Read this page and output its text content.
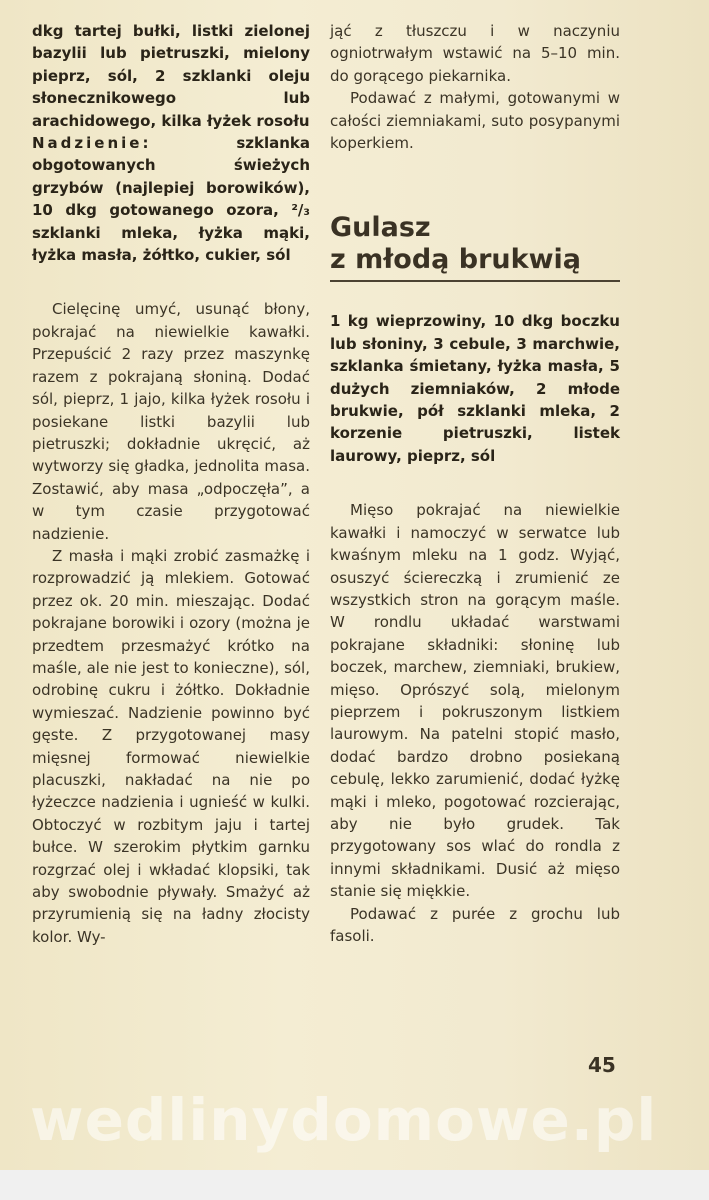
dkg tartej bułki, listki zielonej bazylii lub pietruszki, mielony pieprz, sól, 2 szklanki oleju słonecznikowego lub arachidowego, kilka łyżek rosołu

Nadzienie:	szklanka obgotowanych świeżych grzybów (najlepiej borowików), 10 dkg gotowanego ozora, ²/₃ szklanki mleka, łyżka mąki, łyżka masła, żółtko, cukier, sól

Cielęcinę umyć, usunąć błony, pokrajać na niewielkie kawałki. Przepuścić 2 razy przez maszynkę razem z pokrajaną słoniną. Dodać sól, pieprz, 1 jajo, kilka łyżek rosołu i posiekane listki bazylii lub pietruszki; dokładnie ukręcić, aż wytworzy się gładka, jednolita masa. Zostawić, aby masa „odpoczęła”, a w tym czasie przygotować nadzienie.

Z masła i mąki zrobić zasmażkę i rozprowadzić ją mlekiem. Gotować przez ok. 20 min. mieszając. Dodać pokrajane borowiki i ozory (można je przedtem przesmażyć krótko na maśle, ale nie jest to konieczne), sól, odrobinę cukru i żółtko. Dokładnie wymieszać. Nadzienie powinno być gęste. Z przygotowanej masy mięsnej formować niewielkie placuszki, nakładać na nie po łyżeczce nadzienia i ugnieść w kulki. Obtoczyć w rozbitym jaju i tartej bułce. W szerokim płytkim garnku rozgrzać olej i wkładać klopsiki, tak aby swobodnie pływały. Smażyć aż przyrumienią się na ładny złocisty kolor. Wy-

jąć z tłuszczu i w naczyniu ogniotrwałym wstawić na 5–10 min. do gorącego piekarnika.

Podawać z małymi, gotowanymi w całości ziemniakami, suto posypanymi koperkiem.

Gulasz
z młodą brukwią

1 kg wieprzowiny, 10 dkg boczku lub słoniny, 3 cebule, 3 marchwie, szklanka śmietany, łyżka masła, 5 dużych ziemniaków, 2 młode brukwie, pół szklanki mleka, 2 korzenie pietruszki, listek laurowy, pieprz, sól

Mięso pokrajać na niewielkie kawałki i namoczyć w serwatce lub kwaśnym mleku na 1 godz. Wyjąć, osuszyć ściereczką i zrumienić ze wszystkich stron na gorącym maśle. W rondlu układać warstwami pokrajane składniki: słoninę lub boczek, marchew, ziemniaki, brukiew, mięso. Oprószyć solą, mielonym pieprzem i pokruszonym listkiem laurowym. Na patelni stopić masło, dodać bardzo drobno posiekaną cebulę, lekko zarumienić, dodać łyżkę mąki i mleko, pogotować rozcierając, aby nie było grudek. Tak przygotowany sos wlać do rondla z innymi składnikami. Dusić aż mięso stanie się miękkie.

Podawać z purée z grochu lub fasoli.

45
wedlinydomowe.pl
